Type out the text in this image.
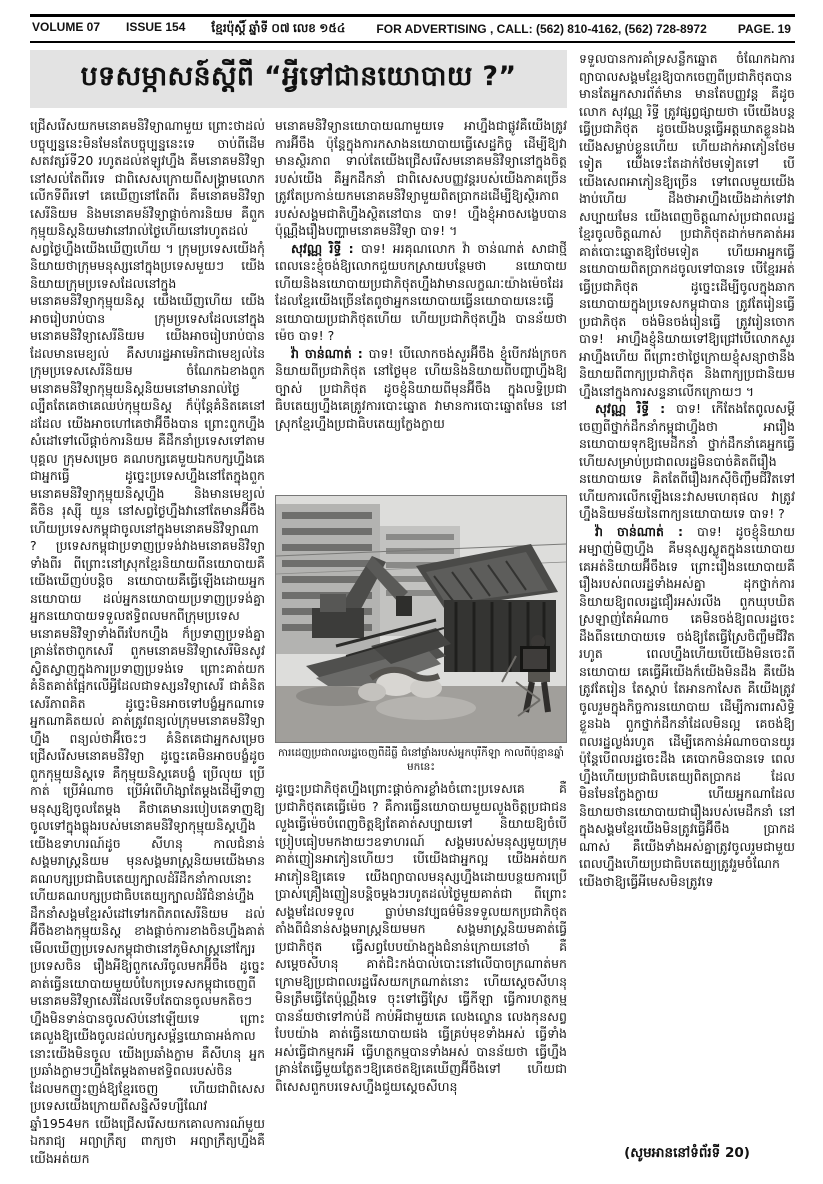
VOLUME 07 ISSUE 154 ខ្មែរប៉ុស្ដិ៍ ឆ្នាំទី ០៧ លេខ ១៥៤	FOR ADVERTISING , CALL: (562) 810-4162, (562) 728-8972	PAGE. 19
បទសម្ភាសន៍ស្ដីពី “អ្វីទៅជានយោបាយ ?”

ជ្រើសរើសយកមនោគមនិវិទ្យាណាមួយ ព្រោះថាដល់បច្ចុប្បន្ននេះមិនមែនតែបច្ចុប្បន្ននេះទេ ចាប់ពីដើមសតវត្សរ៍ទី20 រហូតដល់ឥឡូវហ្នឹង គឺមនោគមនិវិទ្យានៅសល់តែពីរទេ ជាពិសេសក្រោយពីសង្គ្រាមលោកលើកទីពីរទៅ គេឃើញនៅតែពីរ គឺមនោគមនិវិទ្យាសេរីនិយម និងមនោគមន៍វិទ្យាផ្ដាច់ការនិយម គឺពួកកុម្មុយនិស្តនិយមវានៅរាល់ថ្ងៃហើយនៅរហូតដល់សព្វថ្ងៃហ្នឹងយើងឃើញហើយ ។ ក្រុមប្រទេសយើងកុំនិយាយថាក្រុមមនុស្សនៅក្នុងប្រទេសមួយៗ យើងនិយាយក្រុមប្រទេសដែលនៅក្នុងមនោគមនិវិទ្យាកុម្មុយនិស្ត យើងឃើញហើយ យើងអាចរៀបរាប់បាន ក្រុមប្រទេសដែលនៅក្នុងមនោគមនិវិទ្យាសេរីនិយម យើងអាចរៀបរាប់បាន ដែលមានមេខ្យល់ គឺសហរដ្ឋអាមេរិកជាមេខ្យល់នៃក្រុមប្រទេសសេរីនិយម ចំណែកឯខាងពួកមនោគមនិវិទ្យាកុម្មុយនិស្តនិយមនៅមានរាល់ថ្ងៃ ល្បឹតតែគេថាគេឈប់កុម្មុយនិស្ត ក៏ប៉ុន្តែគំនិតគេនៅដដែល យើងអាចហៅគេថាអ៊ីចឹងបាន ព្រោះពួកហ្នឹងសំដៅទៅលើផ្ដាច់ការនិយម គឺដឹកនាំប្រទេសទៅតាមបុគ្គល ក្រុមសម្រេច គណបក្សគេមួយឯកបក្សហ្នឹងគេជាអ្នកធ្វើ ដូច្នេះប្រទេសហ្នឹងនៅតែក្នុងពួកមនោគមនិវិទ្យាកុម្មុយនិស្តហ្នឹង និងមានមេខ្យល់ គឺចិន រុស្ស៊ី យួន នៅសព្វថ្ងៃហ្នឹងវានៅតែមានអ៊ីចឹង ហើយប្រទេសកម្ពុជាចូលនៅក្នុងមនោគមនិវិទ្យាណា ? ប្រទេសកម្ពុជាប្រទាញប្រទង់វាងមនោគមនិវិទ្យាទាំងពីរ ពីព្រោះនៅស្រុកខ្មែរនិយាយពីនយោបាយគឺយើងឃើញប់បន្តិច នយោបាយគឺធ្វើឡើងដោយអ្នកនយោបាយ ដល់អ្នកនយោបាយប្រទាញប្រទង់គ្នា អ្នកនយោបាយទទួលឥទ្ធិពលមកពីក្រុមប្រទេសមនោគមនិវិទ្យាទាំងពីរបែកហ្នឹង ក៏ប្រទាញប្រទង់គ្នា គ្រាន់តែថាពួកសេរី ពួកមនោគមនិវិទ្យាសេរីមិនសូវស្វិតស្វាញក្នុងការប្រទាញប្រទង់ទេ ព្រោះគាត់យកគំនិតគាត់ផ្អែកលើអ្វីដែលជាទស្សនវិទ្យាសេរី ជាគំនិតសេរីភាពគិត ដូច្នេះមិនអាចទៅបង្ខំអ្នកណាទេ អ្នកណាគិតយល់ គាត់ត្រូវពន្យល់ក្រុមមនោគមនិវិទ្យាហ្នឹង ពន្យល់ថាអ៊ីចេះៗ គំនិតគេជាអ្នកសម្រេចជ្រើសរើសមនោគមនិវិទ្យា ដូច្នេះគេមិនអាចបង្ខំដូចពួកកុម្មុយនិស្តទេ គឺកុម្មុយនិស្តគេបង្ខំ ប្រើលុយ ប្រើកាត់ ប្រើអំណាច ប្រើអំពើហិង្សាតែម្ដងដើម្បីទាញមនុស្សឱ្យចូលតែម្ដង គឺថាគេមានរបៀបគេទាញឱ្យចូលទៅក្នុងធ្លុងរបស់មនោគមនិវិទ្យាកុម្មុយនិស្តហ្នឹង យើងឧទាហរណ៍ដូច សីហនុ កាលជំនាន់សង្គមរាស្ត្រនិយម មុនសង្គមរាស្ត្រនិយមយើងមានគណបក្សប្រជាធិបតេយ្យក្បាលដំរីដឹកនាំកាលនោះ ហើយគណបក្សប្រជាធិបតេយ្យក្បាលដំរីជំនាន់ហ្នឹងដឹកនាំសង្គមខ្មែរសំដៅទៅរកពិភពសេរីនិយម ដល់អ៊ីចឹងខាងកុម្មុយនិស្ត ខាងផ្ដាច់ការខាងចិនហ្នឹងគាត់មើលឃើញប្រទេសកម្ពុជាថានៅភូមិសាស្ត្រនៅក្បែរប្រទេសចិន រឿងអីឱ្យពួកសេរីចូលមកអ៊ីចឹង ដូច្នេះគាត់ធ្វើនយោបាយមួយបំបែកប្រទេសកម្ពុជាចេញពីមនោគមនិវិទ្យាសេរីដែលទើបតែបានចូលមកតិចៗហ្នឹងមិនទាន់បានចូលស៊ប់នៅឡើយទេ ព្រោះគេលួងឱ្យយើងចូលដល់បក្សសម្ព័ន្ធយោធាអង់កាលនោះយើងមិនចូល យើងប្រឆាំងក្លាម គឺសីហនុ អ្នកប្រឆាំងក្លាមៗហ្នឹងតែម្ដងតាមឥទ្ធិពលរបស់ចិនដែលមកញុះញង់ឱ្យខ្មែរចេញ ហើយជាពិសេសប្រទេសយើងក្រោយពីសន្និសីទហ្សឺណែវ ឆ្នាំ1954មក យើងជ្រើសរើសយកគោលការណ៍មួយឯករាជ្យ អព្យាក្រឹត្យ ពាក្យថា អព្យាក្រឹត្យហ្នឹងគឺយើងអត់យក

មនោគមនិវិទ្យានយោបាយណាមួយទេ អាហ្នឹងជាផ្លូវគឺយើងត្រូវការអ៊ីចឹង ប៉ុន្តែក្នុងការកសាងនយោបាយធ្វើសេដ្ឋកិច្ច ដើម្បីឱ្យវាមានស្ថិរភាព ទាល់តែយើងជ្រើសរើសមនោគមនិវិទ្យានៅក្នុងចិត្តរបស់យើង គឺអ្នកដឹកនាំ ជាពិសេសបញ្ញវន្តរបស់យើងភាគច្រើនត្រូវតែប្រកាន់យកមនោគមនិវិទ្យាមួយពិតប្រាកដដើម្បីឱ្យស្ថិរភាពរបស់សង្គមជាតិហ្នឹងស្ថិតនៅបាន បាទ! ហ្នឹងខ្ញុំអាចសង្ខេបបានប៉ុណ្ណឹងរឿងបញ្ហាមនោគមនិវិទ្យា បាទ! ។

សុវណ្ណ រិទ្ធី : បាទ! អរគុណលោក វ៉ា ចាន់ណាត់ សាជាថ្មី ពេលនេះខ្ញុំចង់ឱ្យលោកជួយបកស្រាយបន្ថែមថា នយោបាយ ហើយនិងនយោបាយប្រជាភិថុតហ្នឹងវាមានលក្ខណៈយ៉ាងម៉េចដែរ ដែលខ្មែរយើងច្រើនតែពូថាអ្នកនយោបាយធ្វើនយោបាយនេះធ្វើនយោបាយប្រជាភិថុតហើយ ហើយប្រជាភិថុតហ្នឹង បានន័យថាម៉េច បាទ! ?

វ៉ា ចាន់ណាត់ : បាទ! បើលោកចង់សួរអ៊ីចឹង ខ្ញុំបើកវង់ក្រចកនិយាយពីប្រជាភិថុត នៅថ្ងៃមុខ ហើយនិងនិយាយពីបញ្ហាហ្នឹងឱ្យច្បាស់ ប្រជាភិថុត ដូចខ្ញុំនិយាយពីមុនអ៊ីចឹង ក្នុងលទ្ធិប្រជាធិបតេយ្យហ្នឹងគេត្រូវការបោះឆ្នោត វាមានការបោះឆ្នោតមែន នៅស្រុកខ្មែរហ្នឹងប្រជាធិបតេយ្យក្លែងក្លាយ

ការដេញប្រជាពលរដ្ឋចេញពីដីធ្លី ជំនៅផ្ទាំងរបស់អ្នកបុរីកីឡា កាលពីប៉ុន្មានឆ្នាំមកនេះ

ដូច្នេះប្រជាភិថុតហ្នឹងព្រោះផ្ដាច់ការខ្លាំងចំពោះប្រទេសគេ គឺប្រជាភិថុតគេធ្វើម៉េច ? គឺការធ្វើនយោបាយមួយលួងចិត្តប្រជាជន លួងធ្វើម៉េចបំពេញចិត្តឱ្យតែគាត់សប្បាយទៅ និយាយឱ្យចំបើប្រៀបធៀបមកងាយៗឧទាហរណ៍ សង្គមរបស់មនុស្សមួយក្រុមគាត់ញៀនអាភៀនហើយៗ បើយើងជាអ្នកល្អ យើងអត់យកអាភៀនឱ្យគេទេ យើងព្យាបាលមនុស្សហ្នឹងដោយបន្ថយការប្រើប្រាស់គ្រឿងញៀនបន្តិចម្ដងៗរហូតដល់ថ្ងៃមួយគាត់ជា ពីព្រោះសង្គមដែលទទួល ធ្លាប់មានវប្បធម៌មិនទទួលយកប្រជាភិថុត តាំងពីជំនាន់សង្គមរាស្ត្រនិយមមក សង្គមរាស្ត្រនិយមគាត់ធ្វើប្រជាភិថុត ធ្វើសព្វបែបយ៉ាងក្នុងជំនាន់ក្រោយនៅចាំ គឺសម្ដេចសីហនុ គាត់ជិះកង់បាល់បោះនៅលើបាចក្រណាត់មកក្រោមឱ្យប្រជាពលរដ្ឋរើសយកក្រណាត់នោះ ហើយស្ដេចសីហនុ មិនត្រឹមធ្វើតែប៉ុណ្ណឹងទេ ចុះទៅធ្វើស្រែ ធ្វើកីឡា ធ្វើការហត្ថកម្ម បានន័យថាទៅកាប់ដី កាប់អីជាមួយគេ លេងល្ខោន លេងកុនសព្វបែបយ៉ាង គាត់ធ្វើនយោបាយផង ធ្វើគ្រប់មុខទាំងអស់ ធ្វើទាំងអស់ធ្វើជាកម្មករអី ធ្វើហត្ថកម្មបានទាំងអស់ បានន័យថា ធ្វើហ្នឹងគ្រាន់តែធ្វើមួយភ្លែតៗឱ្យគេថតឱ្យគេឃើញអ៊ីចឹងទៅ ហើយជាពិសេសពួកបរទេសហ្នឹងជួយស្ដេចសីហនុ

ទទួលបានការគាំទ្រសន្លឹកឆ្នោត ចំណែកឯការព្យាបាលសង្គមខ្មែរឱ្យបាកចេញពីប្រជាភិថុតបាន មានតែអ្នកសារព័ត៌មាន មានតែបញ្ញវន្ត គឺដូចលោក សុវណ្ណ រិទ្ធី ត្រូវផ្សព្វផ្សាយថា បើយើងបន្តធ្វើប្រជាភិថុត ដូចយើងបន្តធ្វើអត្តឃាតខ្លួនឯង យើងសម្លាប់ខ្លួនហើយ ហើយដាក់អាភៀនថែមទៀត យើងទេះតែដាក់ថែមទៀតទៅ បើយើងសេពអាភៀនឱ្យច្រើន ទៅពេលមួយយើងងាប់ហើយ ដឹងថាអាហ្នឹងយើងដាក់ទៅវាសប្បាយមែន យើងពេញចិត្តណាស់ប្រជាពលរដ្ឋខ្មែរចូលចិត្តណាស់ ប្រជាភិថុតដាក់មកគាត់អរ គាត់បោះឆ្នោតឱ្យថែមទៀត ហើយអាអ្នកធ្វើនយោបាយពិតប្រាកដចូលទៅបានទេ បើខ្មែរអត់ធ្វើប្រជាភិថុត ដូច្នេះដើម្បីចូលក្នុងឆាកនយោបាយក្នុងប្រទេសកម្ពុជាបាន ត្រូវតែរៀនធ្វើប្រជាភិថុត ចង់មិនចង់រៀនធ្វើ ត្រូវរៀនចោក បាទ! អាហ្នឹងខ្ញុំនិយាយទៅឱ្យជ្រៅបើលោកសួរអាហ្នឹងហើយ ពីព្រោះថាថ្ងៃក្រោយខ្ញុំសន្យាថានឹងនិយាយពីពាក្យប្រជាភិថុត និងពាក្យប្រជានិយមហ្នឹងនៅក្នុងការសន្ទនាលើកក្រោយៗ ។

សុវណ្ណ រិទ្ធី : បាទ! កើតែងតែពូលសម្ដីចេញពីថ្នាក់ដឹកនាំកម្ពុជាហ្នឹងថា អារឿងនយោបាយទុកឱ្យមេដឹកនាំ ថ្នាក់ដឹកនាំគេអ្នកធ្វើ ហើយសម្រាប់ប្រជាពលរដ្ឋមិនបាច់គិតពីរឿងនយោបាយទេ គិតតែពីរឿងរកស៊ីចិញ្ចឹមជីវិតទៅ ហើយការលើកឡើងនេះវាសមហេតុផល វាត្រូវហ្នឹងនិយមន័យនៃពាក្យនយោបាយទេ បាទ! ?

វ៉ា ចាន់ណាត់ : បាទ! ដូចខ្ញុំនិយាយអម្បាញ់មិញហ្នឹង គឺមនុស្សស្លូតក្នុងនយោបាយគេអត់និយាយអ៊ីចឹងទេ ព្រោះរឿងនយោបាយគឺរឿងរបស់ពលរដ្ឋទាំងអស់គ្នា ដុកថ្នាក់ការនិយាយឱ្យពលរដ្ឋជឿរអស់រលីង ពួកឃុបឃិតស្រឡាញ់តែអំណាច គេមិនចង់ឱ្យពលរដ្ឋចេះដឹងពីនយោបាយទេ ចង់ឱ្យតែធ្វើស្រែចិញ្ចឹមជីវិតរហូត ពេលហ្នឹងហើយបើយើងមិនចេះពីនយោបាយ គេធ្វើអីយើងក៏យើងមិនដឹង គឺយើងត្រូវតែរៀន តែស្ដាប់ តែអានកាសែត គឺយើងត្រូវចូលរួមក្នុងកិច្ចការនយោបាយ ដើម្បីការពារសិទ្ធិខ្លួនឯង ពួកថ្នាក់ដឹកនាំដែលមិនល្អ គេចង់ឱ្យពលរដ្ឋល្ងង់រហូត ដើម្បីគេកាន់អំណាចបានយូរ ប៉ុន្តែបើពលរដ្ឋចេះដឹង គេបោកមិនបានទេ ពេលហ្នឹងហើយប្រជាធិបតេយ្យពិតប្រាកដ ដែលមិនមែនក្លែងក្លាយ ហើយអ្នកណាដែលនិយាយថានយោបាយជារឿងរបស់មេដឹកនាំ នៅក្នុងសង្គមខ្មែរយើងមិនត្រូវធ្វើអ៊ីចឹង ប្រាកដណាស់ គឺយើងទាំងអស់គ្នាត្រូវចូលរួមជាមួយ ពេលហ្នឹងហើយប្រជាធិបតេយ្យត្រូវរួមចំណែក យើងថាឱ្យធ្វើអីមេសមិនត្រូវទេ

(សូមអាននៅទំព័រទី 20)
